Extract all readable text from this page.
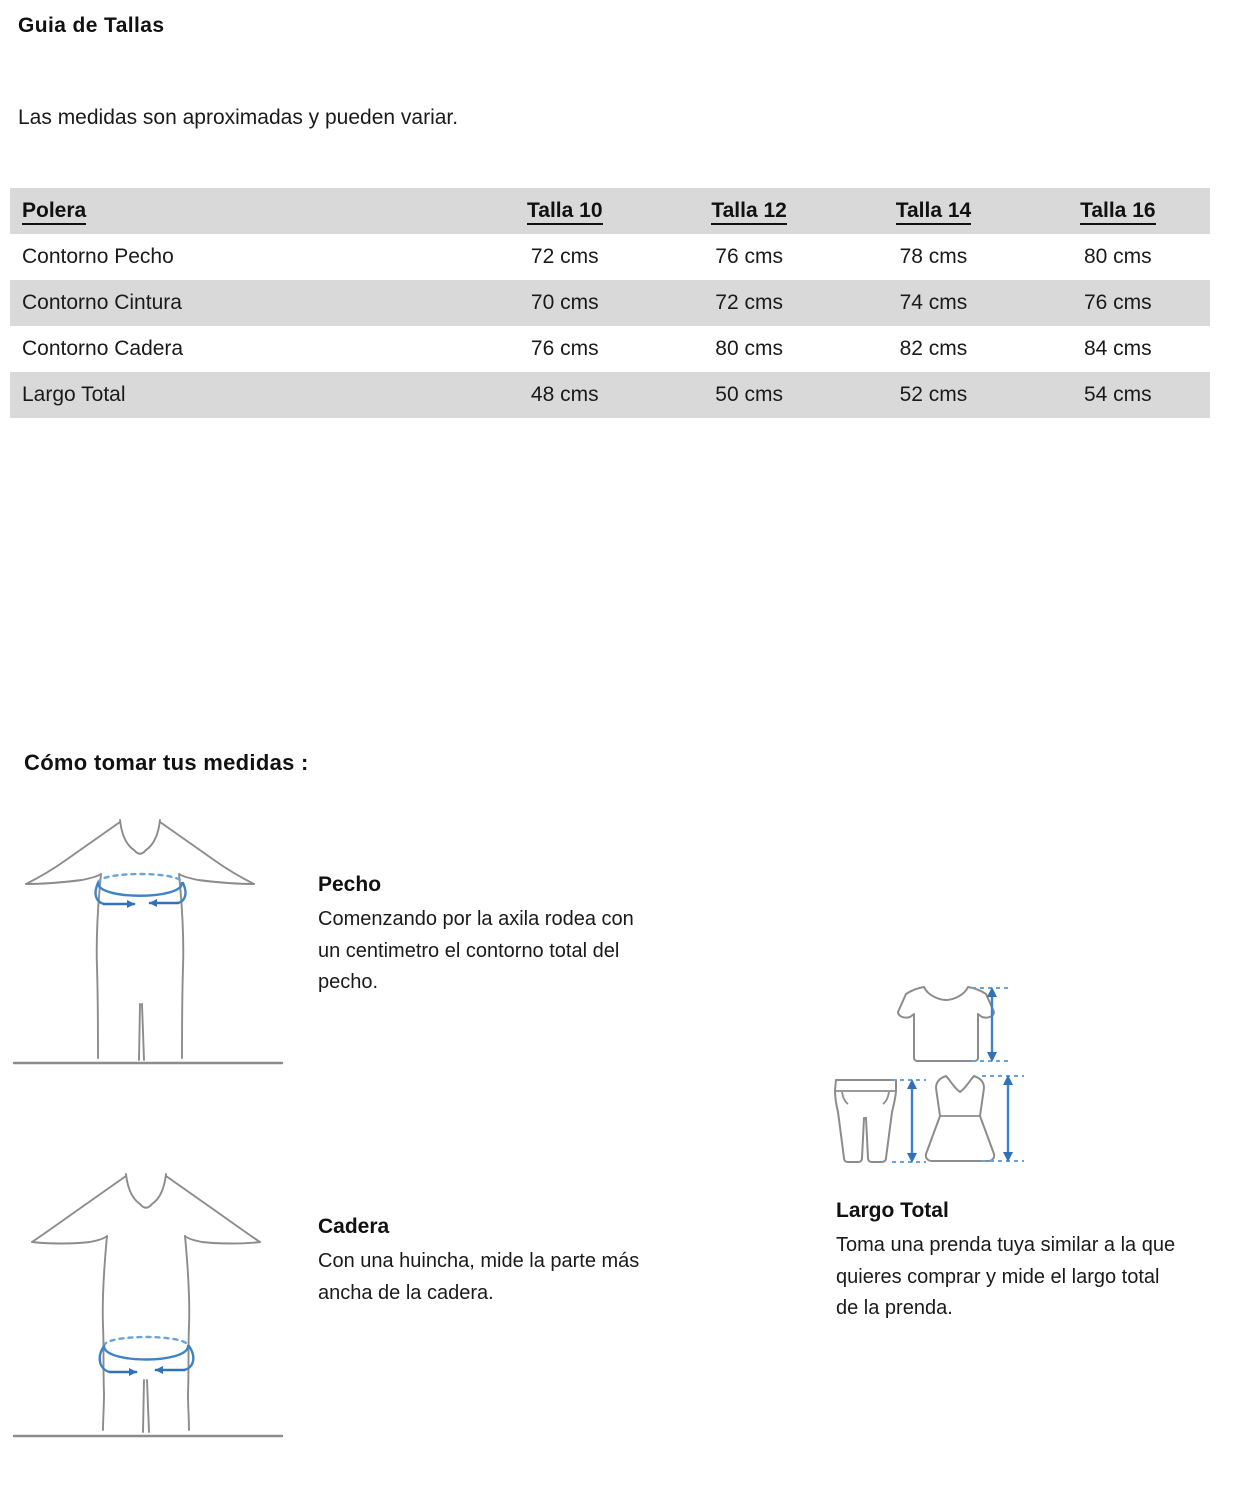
Guia de Tallas
Las medidas son aproximadas y pueden variar.
Polera	Talla 10	Talla 12	Talla 14	Talla 16
Contorno Pecho	72 cms	76 cms	78 cms	80 cms
Contorno Cintura	70 cms	72 cms	74 cms	76 cms
Contorno Cadera	76 cms	80 cms	82 cms	84 cms
Largo Total	48 cms	50 cms	52 cms	54 cms
Cómo tomar tus medidas :
Pecho
Comenzando por la axila rodea con un centimetro el contorno total del pecho.
Cadera
Con una huincha, mide la parte más ancha de la cadera.
Largo Total
Toma una prenda tuya similar a la que quieres comprar y mide el largo total de la prenda.
